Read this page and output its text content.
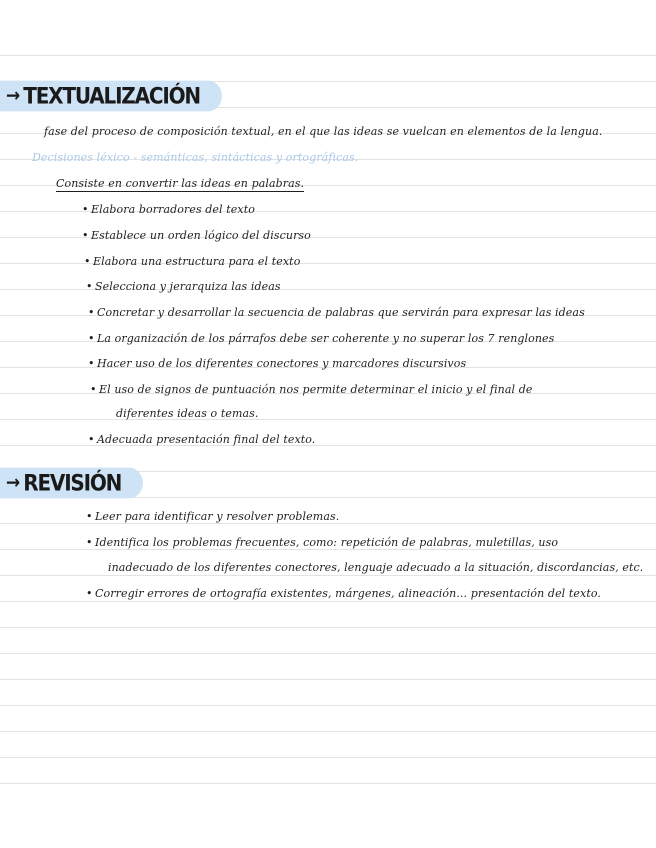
→ TEXTUALIZACIÓN
fase del proceso de composición textual, en el que las ideas se vuelcan en elementos de la lengua.
Decisiones léxico - semánticas, sintácticas y ortográficas.
Consiste en convertir las ideas en palabras.
• Elabora borradores del texto
• Establece un orden lógico del discurso
• Elabora una estructura para el texto
• Selecciona y jerarquiza las ideas
• Concretar y desarrollar la secuencia de palabras que servirán para expresar las ideas
• La organización de los párrafos debe ser coherente y no superar los 7 renglones
• Hacer uso de los diferentes conectores y marcadores discursivos
• El uso de signos de puntuación nos permite determinar el inicio y el final de
diferentes ideas o temas.
• Adecuada presentación final del texto.
→ REVISIÓN
• Leer para identificar y resolver problemas.
• Identifica los problemas frecuentes, como: repetición de palabras, muletillas, uso
inadecuado de los diferentes conectores, lenguaje adecuado a la situación, discordancias, etc.
• Corregir errores de ortografía existentes, márgenes, alineación... presentación del texto.
